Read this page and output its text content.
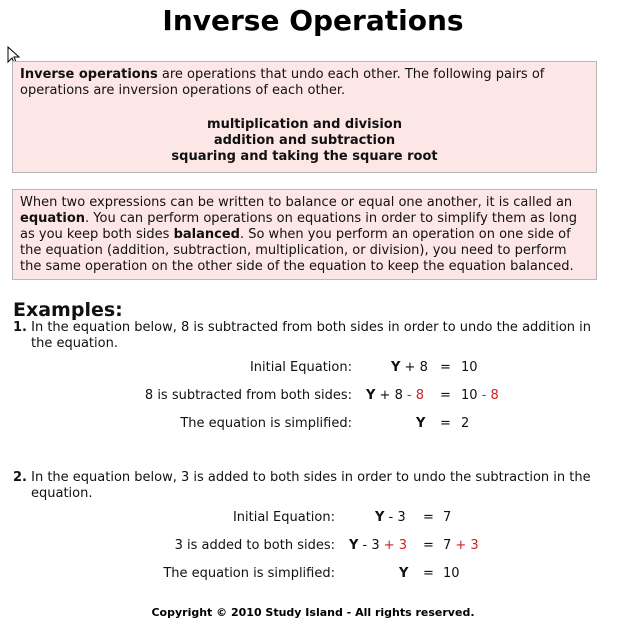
Inverse Operations
Inverse operations are operations that undo each other. The following pairs of operations are inversion operations of each other.
multiplication and division
addition and subtraction
squaring and taking the square root
When two expressions can be written to balance or equal one another, it is called an equation. You can perform operations on equations in order to simplify them as long as you keep both sides balanced. So when you perform an operation on one side of the equation (addition, subtraction, multiplication, or division), you need to perform the same operation on the other side of the equation to keep the equation balanced.
Examples:
1. In the equation below, 8 is subtracted from both sides in order to undo the addition in
the equation.
Initial Equation:	Y + 8 = 10
8 is subtracted from both sides: Y + 8 - 8 = 10 - 8
The equation is simplified:	Y = 2
2. In the equation below, 3 is added to both sides in order to undo the subtraction in the
equation.
Initial Equation:	Y - 3 = 7
3 is added to both sides: Y - 3 + 3 = 7 + 3
The equation is simplified:	Y = 10
Copyright © 2010 Study Island - All rights reserved.
